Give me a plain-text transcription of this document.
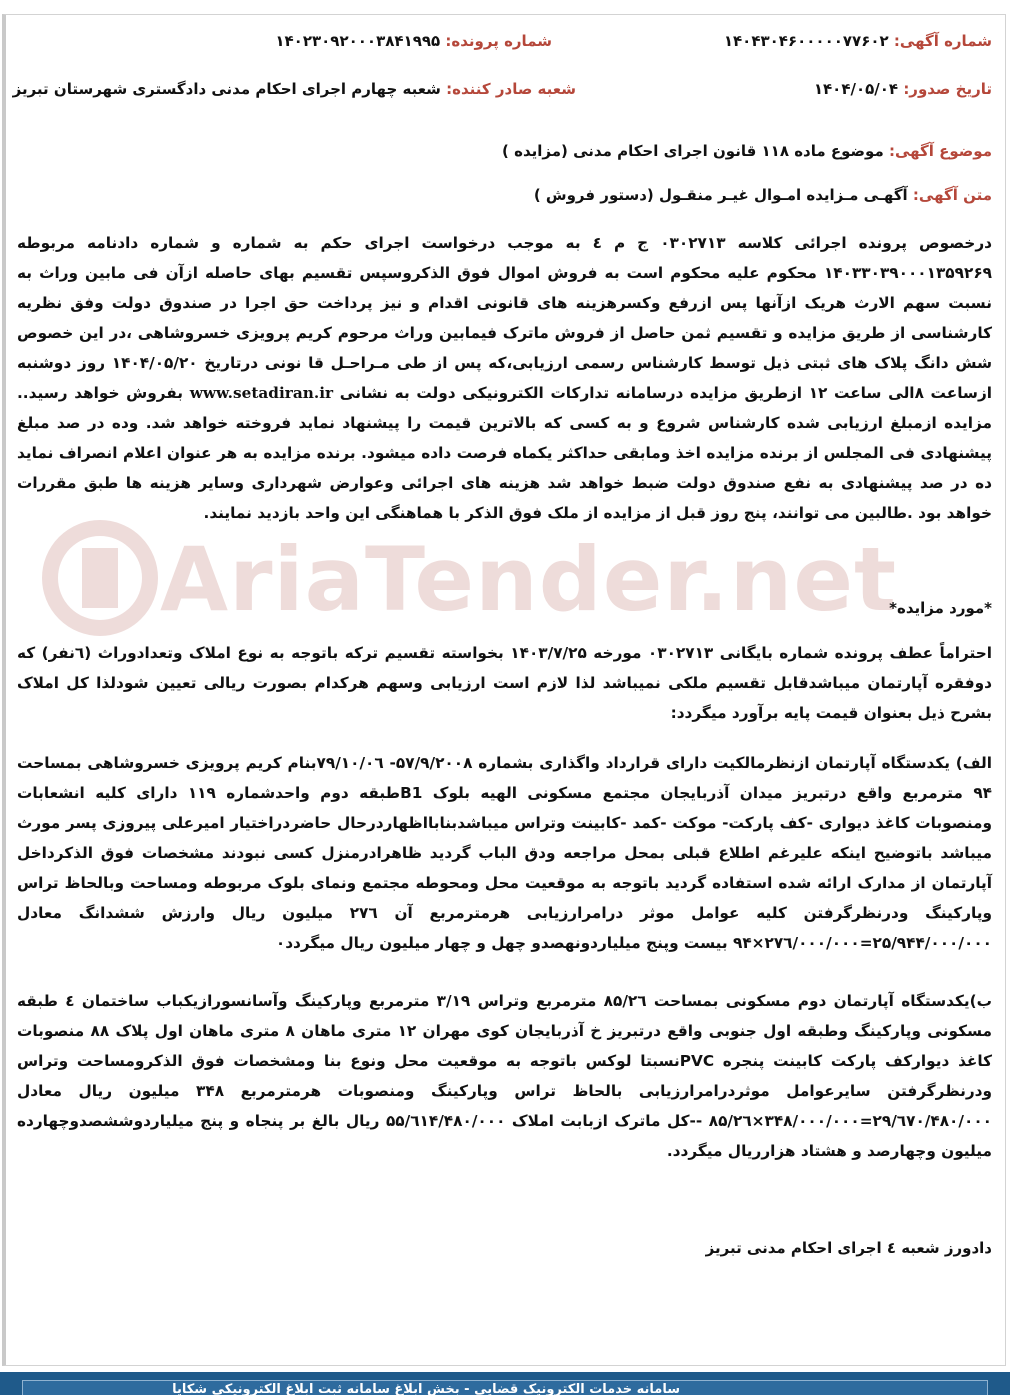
شماره آگهی: ۱۴۰۴۳۰۴۶۰۰۰۰۰۷۷۶۰۲
شماره پرونده: ۱۴۰۲۳۰۹۲۰۰۰۳۸۴۱۹۹۵
تاریخ صدور: ۱۴۰۴/۰۵/۰۴
شعبه صادر کننده: شعبه چهارم اجرای احکام مدنی دادگستری شهرستان تبریز
موضوع آگهی: موضوع ماده ۱۱۸ قانون اجرای احکام مدنی (مزایده )
متن آگهی: آگهـی مـزایده امـوال غیـر منقـول (دستور فروش )
AriaTender.net
درخصوص پرونده اجرائی کلاسه ۰۳۰۲۷۱۳ ج م ٤ به موجب درخواست اجرای حکم به شماره و شماره دادنامه مربوطه ۱۴۰۳۳۰۳۹۰۰۰۱۳۵۹۲۶۹ محکوم علیه محکوم است به فروش اموال فوق الذکروسپس تقسیم بهای حاصله ازآن فی مابین وراث به نسبت سهم الارث هریک ازآنها پس ازرفع وکسرهزینه های قانونی اقدام و نیز پرداخت حق اجرا در صندوق دولت وفق نظریه کارشناسی از طریق مزایده و تقسیم ثمن حاصل از فروش ماترک فیمابین وراث مرحوم کریم پرویزی خسروشاهی ،در این خصوص شش دانگ پلاک های ثبتی ذیل توسط کارشناس رسمی ارزیابی،که پس از طی مـراحـل قا نونی درتاریخ ۱۴۰۴/۰۵/۲۰ روز دوشنبه ازساعت ۸الی ساعت ۱۲ ازطریق مزایده درسامانه تدارکات الکترونیکی دولت به نشانی www.setadiran.ir بفروش خواهد رسید.. مزایده ازمبلغ ارزیابی شده کارشناس شروع و به کسی که بالاترین قیمت را پیشنهاد نماید فروخته خواهد شد. وده در صد مبلغ پیشنهادی فی المجلس از برنده مزایده اخذ ومابقی حداکثر یکماه فرصت داده میشود. برنده مزایده به هر عنوان اعلام انصراف نماید ده در صد پیشنهادی به نفع صندوق دولت ضبط خواهد شد هزینه های اجرائی وعوارض شهرداری وسایر هزینه ها طبق مقررات خواهد بود .طالبین می توانند، پنج روز قبل از مزایده از ملک فوق الذکر با هماهنگی این واحد بازدید نمایند.
*مورد مزایده*
احتراماً عطف پرونده شماره بایگانی ۰۳۰۲۷۱۳ مورخه ۱۴۰۳/۷/۲۵ بخواسته تقسیم ترکه باتوجه به نوع املاک وتعدادوراث (٦نفر) که دوفقره آپارتمان میباشدقابل تقسیم ملکی نمیباشد لذا لازم است ارزیابی وسهم هرکدام بصورت ریالی تعیین شودلذا کل املاک بشرح ذیل بعنوان قیمت پایه برآورد میگردد:
الف) یکدستگاه آپارتمان ازنظرمالکیت دارای قرارداد واگذاری بشماره ۵۷/۹/۲۰۰۸- ۷۹/۱۰/۰٦بنام کریم پرویزی خسروشاهی بمساحت ۹۴ مترمربع واقع درتبریز میدان آذربایجان مجتمع مسکونی الهیه بلوک B1طبقه دوم واحدشماره ۱۱۹ دارای کلیه انشعابات ومنصوبات کاغذ دیواری -کف پارکت- موکت -کمد -کابینت وتراس میباشدبنابااظهاردرحال حاضردراختیار امیرعلی پیروزی پسر مورث میباشد باتوضیح اینکه علیرغم اطلاع قبلی بمحل مراجعه ودق الباب گردید ظاهرادرمنزل کسی نبودند مشخصات فوق الذکرداخل آپارتمان از مدارک ارائه شده استفاده گردید باتوجه به موقعیت محل ومحوطه مجتمع ونمای بلوک مربوطه ومساحت وبالحاظ تراس وپارکینگ ودرنظرگرفتن کلیه عوامل موثر درامرارزیابی هرمترمربع آن ۲۷٦ میلیون ریال وارزش ششدانگ معادل ۲۵/۹۴۴/۰۰۰/۰۰۰=۲۷٦/۰۰۰/۰۰۰×۹۴ بیست وپنج میلیاردونهصدو چهل و چهار میلیون ریال میگردد۰
ب)یکدستگاه آپارتمان دوم مسکونی بمساحت ۸۵/۲٦ مترمربع وتراس ۳/۱۹ مترمربع وپارکینگ وآسانسورازیکباب ساختمان ٤ طبقه مسکونی وپارکینگ وطبقه اول جنوبی واقع درتبریز خ آذربایجان کوی مهران ۱۲ متری ماهان ۸ متری ماهان اول پلاک ۸۸ منصوبات کاغذ دیوارکف پارکت کابینت پنجره PVCنسبتا لوکس باتوجه به موقعیت محل ونوع بنا ومشخصات فوق الذکرومساحت وتراس ودرنظرگرفتن سایرعوامل موثردرامرارزیابی بالحاظ تراس وپارکینگ ومنصوبات هرمترمربع ۳۴۸ میلیون ریال معادل ۲۹/٦۷۰/۴۸۰/۰۰۰=۳۴۸/۰۰۰/۰۰۰×۸۵/۲٦ --کل ماترک ازبابت املاک ۵۵/٦۱۴/۴۸۰/۰۰۰ ریال بالغ بر پنجاه و پنج میلیاردوششصدوچهارده میلیون وچهارصد و هشتاد هزارریال میگردد.
دادورز شعبه ٤ اجرای احکام مدنی تبریز
سامانه خدمات الکترونیک قضایی - بخش ابلاغ سامانه ثبت ابلاغ الکترونیکی شکایا
